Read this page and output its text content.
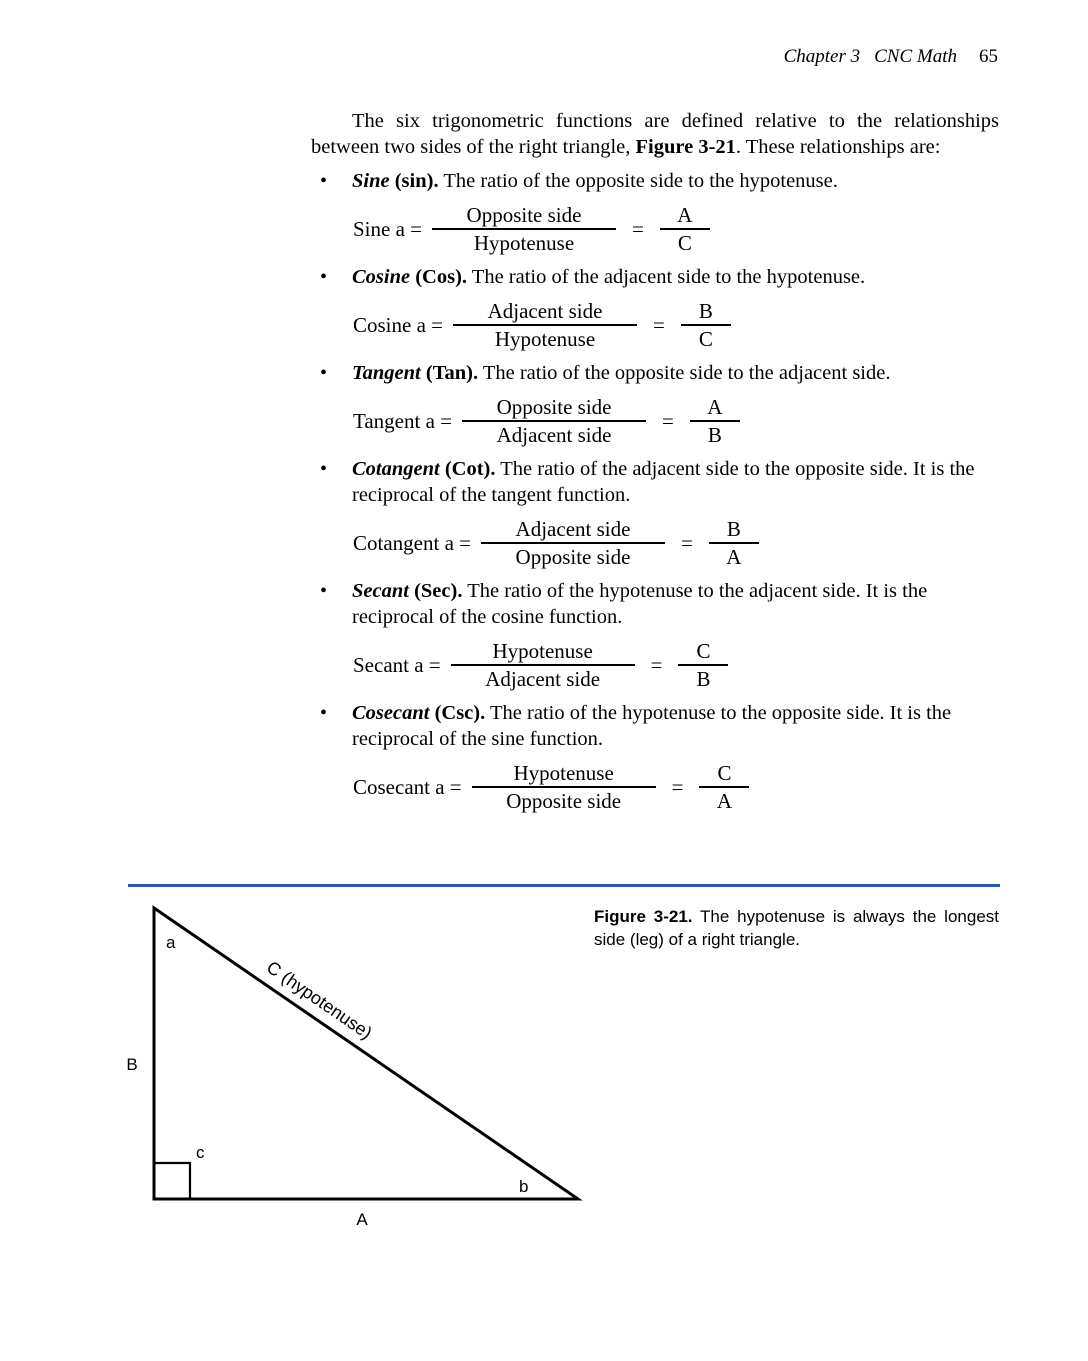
Chapter 3 CNC Math 65

The six trigonometric functions are defined relative to the relationships between two sides of the right triangle, Figure 3-21. These relationships are:

• Sine (sin). The ratio of the opposite side to the hypotenuse.
Sine $a = \frac{\text{Opposite side}}{\text{Hypotenuse}} = \frac{A}{C}$
• Cosine (Cos). The ratio of the adjacent side to the hypotenuse.
Cosine $a = \frac{\text{Adjacent side}}{\text{Hypotenuse}} = \frac{B}{C}$
• Tangent (Tan). The ratio of the opposite side to the adjacent side.
Tangent $a = \frac{\text{Opposite side}}{\text{Adjacent side}} = \frac{A}{B}$
• Cotangent (Cot). The ratio of the adjacent side to the opposite side. It is the reciprocal of the tangent function.
Cotangent $a = \frac{\text{Adjacent side}}{\text{Opposite side}} = \frac{B}{A}$
• Secant (Sec). The ratio of the hypotenuse to the adjacent side. It is the reciprocal of the cosine function.
Secant $a = \frac{\text{Hypotenuse}}{\text{Adjacent side}} = \frac{C}{B}$
• Cosecant (Csc). The ratio of the hypotenuse to the opposite side. It is the reciprocal of the sine function.
Cosecant $a = \frac{\text{Hypotenuse}}{\text{Opposite side}} = \frac{C}{A}$
Figure 3-21. The hypotenuse is always the longest side (leg) of a right triangle.
a
B
c
b
A
C (hypotenuse)
